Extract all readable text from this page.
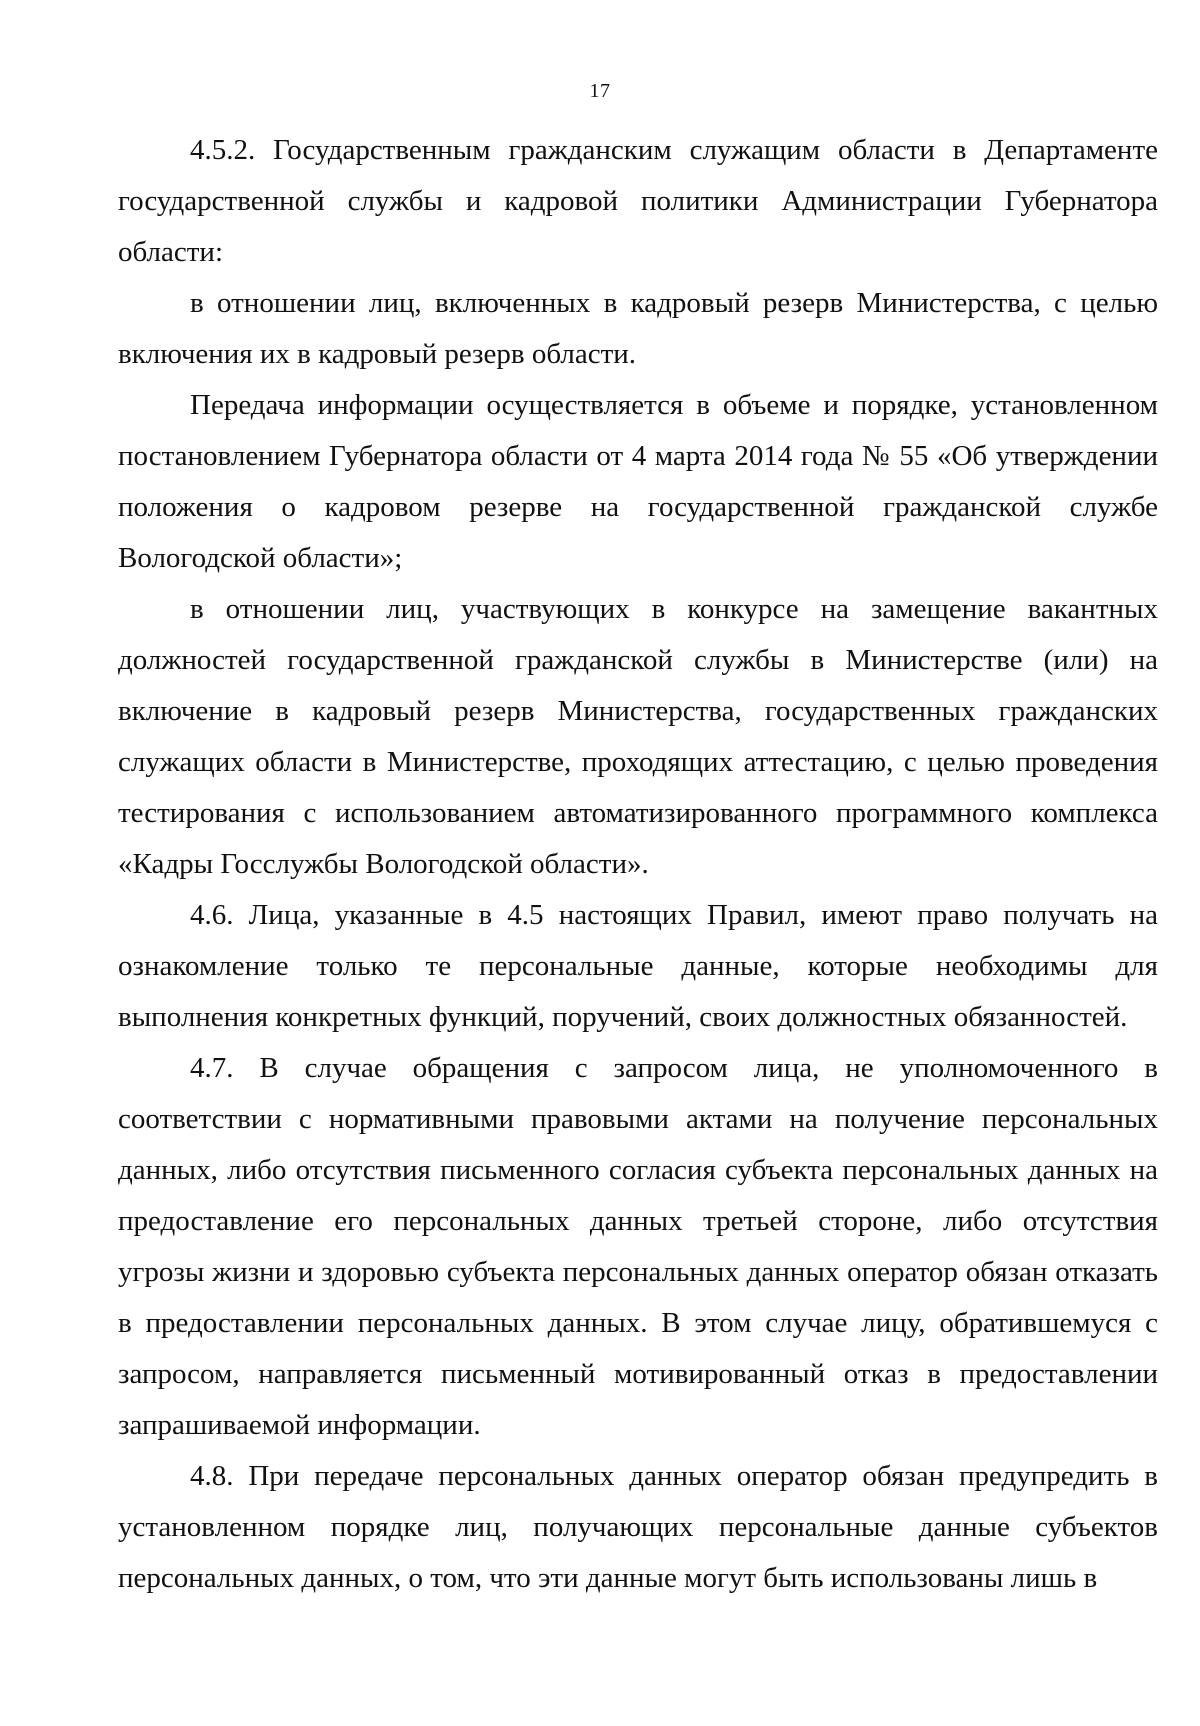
17

4.5.2. Государственным гражданским служащим области в Департаменте государственной службы и кадровой политики Администрации Губернатора области:

в отношении лиц, включенных в кадровый резерв Министерства, с целью включения их в кадровый резерв области.

Передача информации осуществляется в объеме и порядке, установленном постановлением Губернатора области от 4 марта 2014 года № 55 «Об утверждении положения о кадровом резерве на государственной гражданской службе Вологодской области»;

в отношении лиц, участвующих в конкурсе на замещение вакантных должностей государственной гражданской службы в Министерстве (или) на включение в кадровый резерв Министерства, государственных гражданских служащих области в Министерстве, проходящих аттестацию, с целью проведения тестирования с использованием автоматизированного программного комплекса «Кадры Госслужбы Вологодской области».

4.6. Лица, указанные в 4.5 настоящих Правил, имеют право получать на ознакомление только те персональные данные, которые необходимы для выполнения конкретных функций, поручений, своих должностных обязанностей.

4.7. В случае обращения с запросом лица, не уполномоченного в соответствии с нормативными правовыми актами на получение персональных данных, либо отсутствия письменного согласия субъекта персональных данных на предоставление его персональных данных третьей стороне, либо отсутствия угрозы жизни и здоровью субъекта персональных данных оператор обязан отказать в предоставлении персональных данных. В этом случае лицу, обратившемуся с запросом, направляется письменный мотивированный отказ в предоставлении запрашиваемой информации.

4.8. При передаче персональных данных оператор обязан предупредить в установленном порядке лиц, получающих персональные данные субъектов персональных данных, о том, что эти данные могут быть использованы лишь в
